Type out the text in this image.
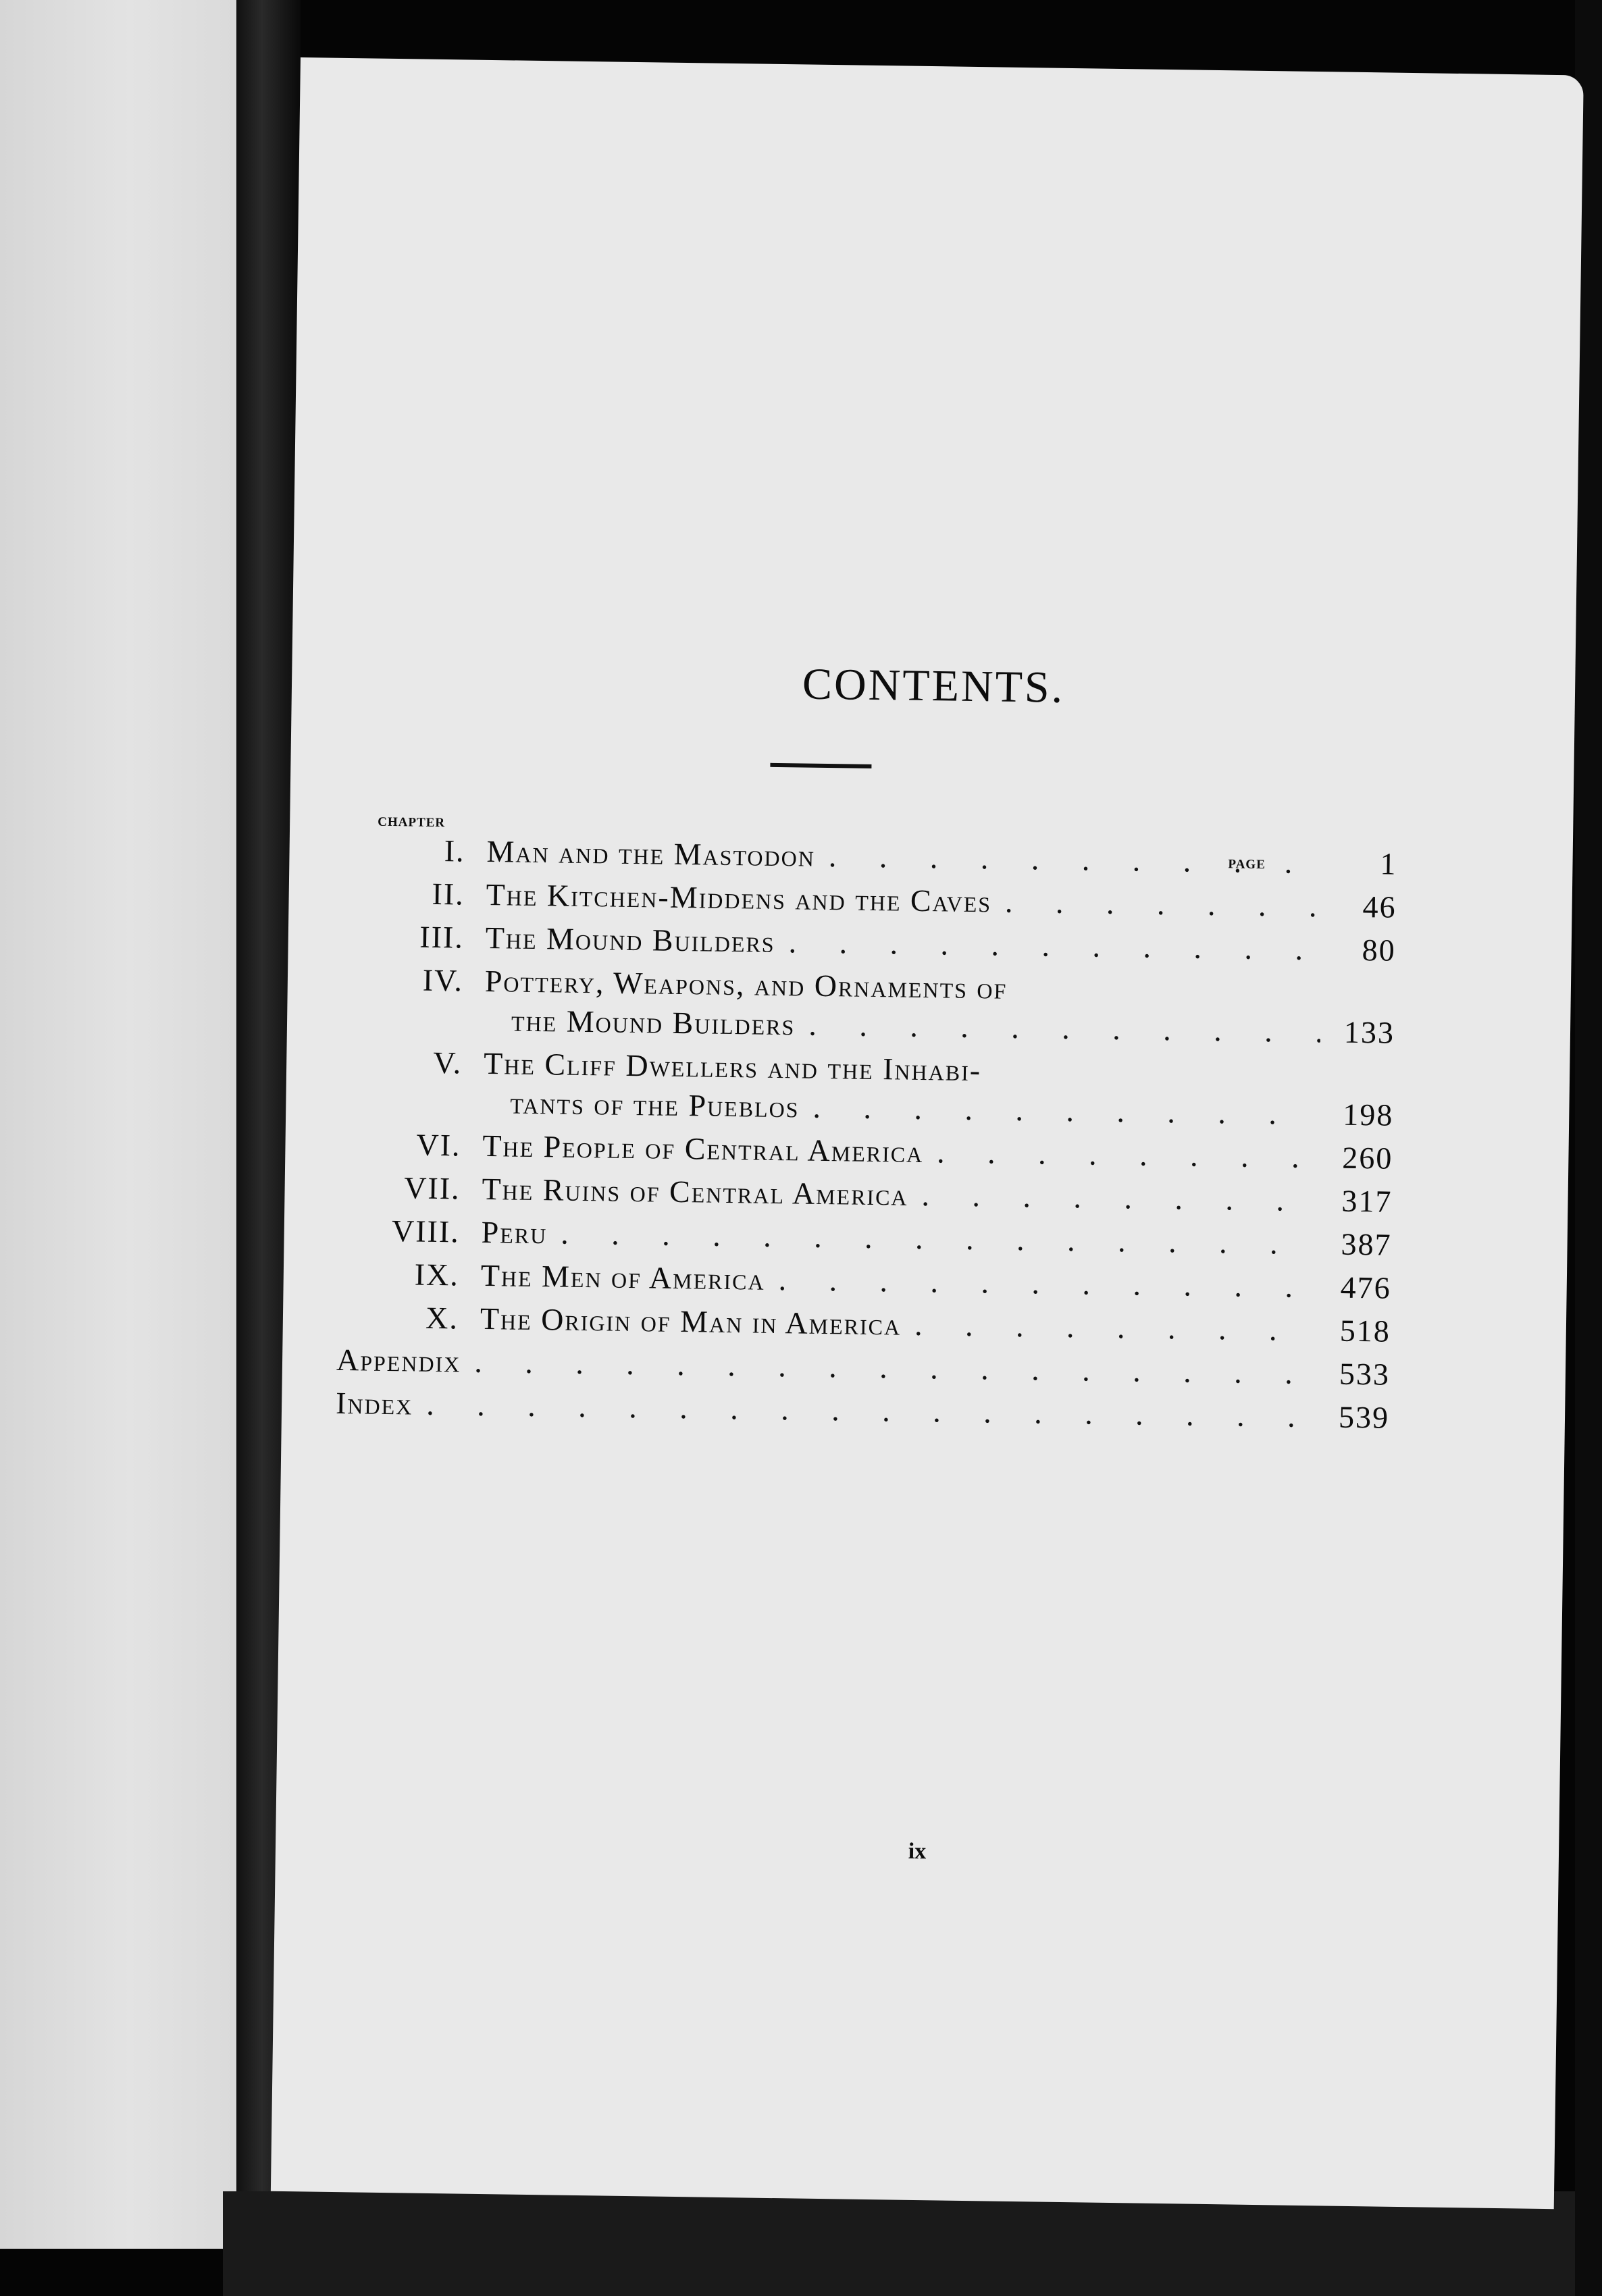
CONTENTS.
CHAPTER
PAGE
I. Man and the Mastodon . . .	1
II. The Kitchen-Middens and the Caves . . .	46
III. The Mound Builders . . .	80
IV. Pottery, Weapons, and Ornaments of
the Mound Builders . . .	133
V. The Cliff Dwellers and the Inhabi-
tants of the Pueblos . . .	198
VI. The People of Central America . . .	260
VII. The Ruins of Central America . . .	317
VIII. Peru . . .	387
IX. The Men of America . . .	476
X. The Origin of Man in America . . .	518
Appendix . . .	533
Index . . .	539
ix
